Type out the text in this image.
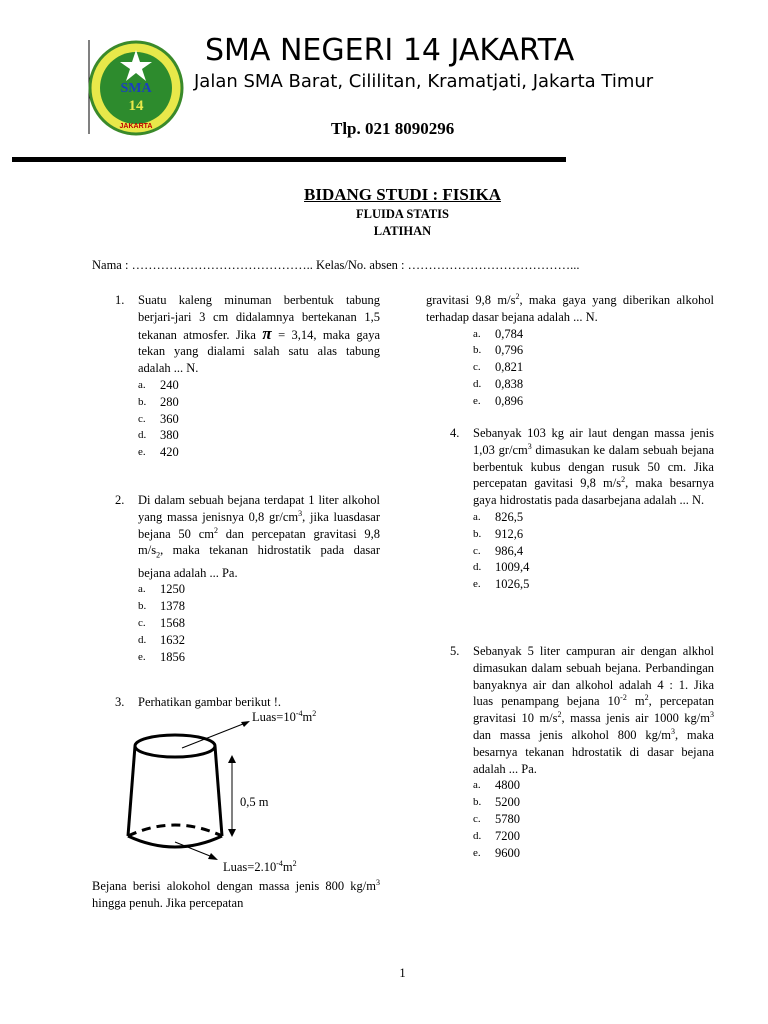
SMA
14
JAKARTA
SMA NEGERI 14 JAKARTA
Jalan SMA Barat, Cililitan, Kramatjati, Jakarta Timur
Tlp. 021 8090296
BIDANG STUDI : FISIKA
FLUIDA STATIS
LATIHAN
Nama : …………………………………….. Kelas/No. absen : …………………………………...
1. Suatu kaleng minuman berbentuk tabung berjari-jari 3 cm didalamnya bertekanan 1,5 tekanan atmosfer. Jika π = 3,14, maka gaya tekan yang dialami salah satu alas tabung adalah ... N.
a. 240
b. 280
c. 360
d. 380
e. 420
2. Di dalam sebuah bejana terdapat 1 liter alkohol yang massa jenisnya 0,8 $gr/cm^3$, jika luasdasar bejana 50 $cm^2$ dan percepatan gravitasi 9,8 $m/s_2$, maka tekanan hidrostatik pada dasar bejana adalah ... Pa.
a. 1250
b. 1378
c. 1568
d. 1632
e. 1856
3. Perhatikan gambar berikut !.
$Luas=10^{-4}m^2$
0,5 m
$Luas=2.10^{-4}m^2$
Bejana berisi alokohol dengan massa jenis 800 $kg/m^3$ hingga penuh. Jika percepatan
gravitasi 9,8 $m/s^2$, maka gaya yang diberikan alkohol terhadap dasar bejana adalah ... N.
a. 0,784
b. 0,796
c. 0,821
d. 0,838
e. 0,896
4. Sebanyak 103 kg air laut dengan massa jenis 1,03 $gr/cm^3$ dimasukan ke dalam sebuah bejana berbentuk kubus dengan rusuk 50 cm. Jika percepatan gavitasi 9,8 $m/s^2$, maka besarnya gaya hidrostatis pada dasarbejana adalah ... N.
a. 826,5
b. 912,6
c. 986,4
d. 1009,4
e. 1026,5
5. Sebanyak 5 liter campuran air dengan alkhol dimasukan dalam sebuah bejana. Perbandingan banyaknya air dan alkohol adalah 4 : 1. Jika luas penampang bejana $10^{-2}$ $m^2$, percepatan gravitasi 10 $m/s^2$, massa jenis air 1000 $kg/m^3$ dan massa jenis alkohol 800 $kg/m^3$, maka besarnya tekanan hdrostatik di dasar bejana adalah ... Pa.
a. 4800
b. 5200
c. 5780
d. 7200
e. 9600
1
